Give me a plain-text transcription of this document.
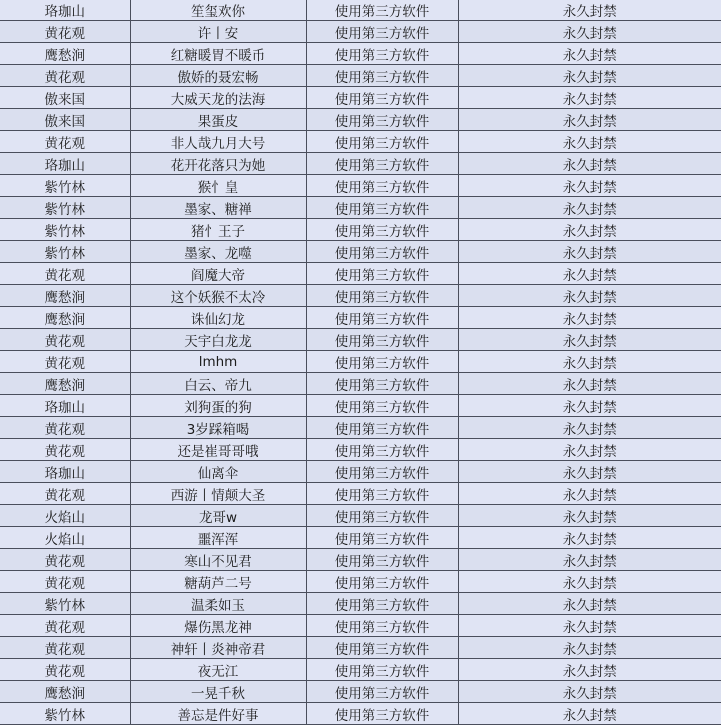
珞珈山	笙玺欢你	使用第三方软件	永久封禁
黄花观	许丨安	使用第三方软件	永久封禁
鹰愁涧	红糖暖胃不暖币	使用第三方软件	永久封禁
黄花观	傲娇的聂宏畅	使用第三方软件	永久封禁
傲来国	大威天龙的法海	使用第三方软件	永久封禁
傲来国	果蛋皮	使用第三方软件	永久封禁
黄花观	非人哉九月大号	使用第三方软件	永久封禁
珞珈山	花开花落只为她	使用第三方软件	永久封禁
紫竹林	猴忄皇	使用第三方软件	永久封禁
紫竹林	墨家、糖禅	使用第三方软件	永久封禁
紫竹林	猪忄王子	使用第三方软件	永久封禁
紫竹林	墨家、龙噬	使用第三方软件	永久封禁
黄花观	阎魔大帝	使用第三方软件	永久封禁
鹰愁涧	这个妖猴不太冷	使用第三方软件	永久封禁
鹰愁涧	诛仙幻龙	使用第三方软件	永久封禁
黄花观	天宇白龙龙	使用第三方软件	永久封禁
黄花观	lmhm	使用第三方软件	永久封禁
鹰愁涧	白云、帝九	使用第三方软件	永久封禁
珞珈山	刘狗蛋的狗	使用第三方软件	永久封禁
黄花观	3岁踩箱喝	使用第三方软件	永久封禁
黄花观	还是崔哥哥哦	使用第三方软件	永久封禁
珞珈山	仙离伞	使用第三方软件	永久封禁
黄花观	西游丨情颠大圣	使用第三方软件	永久封禁
火焰山	龙哥w	使用第三方软件	永久封禁
火焰山	噩浑浑	使用第三方软件	永久封禁
黄花观	寒山不见君	使用第三方软件	永久封禁
黄花观	糖葫芦二号	使用第三方软件	永久封禁
紫竹林	温柔如玉	使用第三方软件	永久封禁
黄花观	爆伤黑龙神	使用第三方软件	永久封禁
黄花观	神轩丨炎神帝君	使用第三方软件	永久封禁
黄花观	夜无江	使用第三方软件	永久封禁
鹰愁涧	一晃千秋	使用第三方软件	永久封禁
紫竹林	善忘是件好事	使用第三方软件	永久封禁
